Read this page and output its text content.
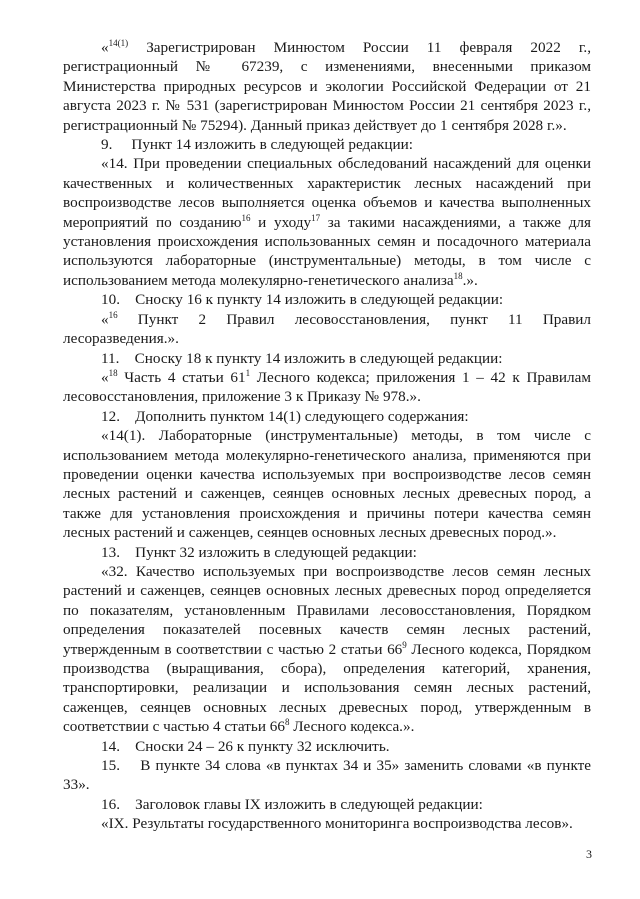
«$^{14(1)}$ Зарегистрирован Минюстом России 11 февраля 2022 г., регистрационный № 67239, с изменениями, внесенными приказом Министерства природных ресурсов и экологии Российской Федерации от 21 августа 2023 г. № 531 (зарегистрирован Минюстом России 21 сентября 2023 г., регистрационный № 75294). Данный приказ действует до 1 сентября 2028 г.».

9.     Пункт 14 изложить в следующей редакции:

«14. При проведении специальных обследований насаждений для оценки качественных и количественных характеристик лесных насаждений при воспроизводстве лесов выполняется оценка объемов и качества выполненных мероприятий по созданию$^{16}$ и уходу$^{17}$ за такими насаждениями, а также для установления происхождения использованных семян и посадочного материала используются лабораторные (инструментальные) методы, в том числе с использованием метода молекулярно-генетического анализа$^{18}$.».

10.    Сноску 16 к пункту 14 изложить в следующей редакции:

«$^{16}$ Пункт 2 Правил лесовосстановления, пункт 11 Правил лесоразведения.».

11.    Сноску 18 к пункту 14 изложить в следующей редакции:

«$^{18}$ Часть 4 статьи $61^1$ Лесного кодекса; приложения 1 – 42 к Правилам лесовосстановления, приложение 3 к Приказу № 978.».

12.    Дополнить пунктом 14(1) следующего содержания:

«14(1). Лабораторные (инструментальные) методы, в том числе с использованием метода молекулярно-генетического анализа, применяются при проведении оценки качества используемых при воспроизводстве лесов семян лесных растений и саженцев, сеянцев основных лесных древесных пород, а также для установления происхождения и причины потери качества семян лесных растений и саженцев, сеянцев основных лесных древесных пород.».

13.    Пункт 32 изложить в следующей редакции:

«32. Качество используемых при воспроизводстве лесов семян лесных растений и саженцев, сеянцев основных лесных древесных пород определяется по показателям, установленным Правилами лесовосстановления, Порядком определения показателей посевных качеств семян лесных растений, утвержденным в соответствии с частью 2 статьи $66^9$ Лесного кодекса, Порядком производства (выращивания, сбора), определения категорий, хранения, транспортировки, реализации и использования семян лесных растений, саженцев, сеянцев основных лесных древесных пород, утвержденным в соответствии с частью 4 статьи $66^8$ Лесного кодекса.».

14.    Сноски 24 – 26 к пункту 32 исключить.

15.    В пункте 34 слова «в пунктах 34 и 35» заменить словами «в пункте 33».

16.    Заголовок главы IX изложить в следующей редакции:

«IX. Результаты государственного мониторинга воспроизводства лесов».

3
